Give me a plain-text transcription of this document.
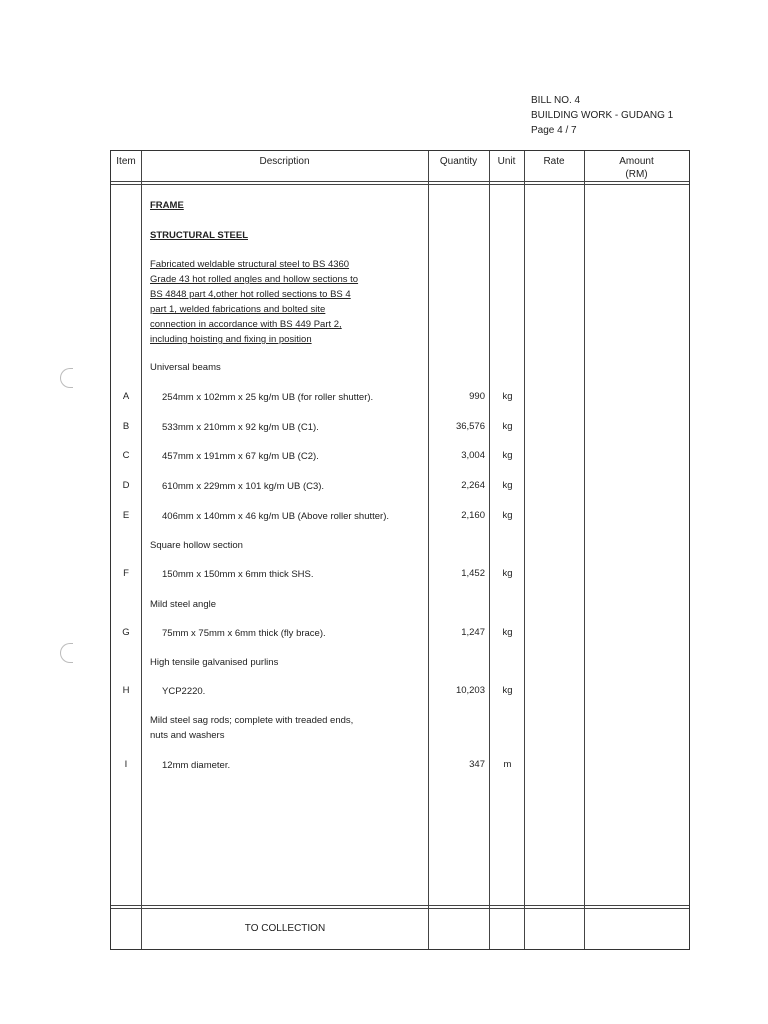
BILL NO. 4
BUILDING WORK - GUDANG 1
Page 4 / 7
Item	Description	Quantity	Unit	Rate	Amount
(RM)
FRAME
STRUCTURAL STEEL
Fabricated weldable structural steel to BS 4360
Grade 43 hot rolled angles and hollow sections to
BS 4848 part 4,other hot rolled sections to BS 4
part 1, welded fabrications and bolted site
connection in accordance with BS 449 Part 2,
including hoisting and fixing in position
Universal beams
A	254mm x 102mm x 25 kg/m UB (for roller shutter).	990	kg
B	533mm x 210mm x 92 kg/m UB (C1).	36,576	kg
C	457mm x 191mm x 67 kg/m UB (C2).	3,004	kg
D	610mm x 229mm x 101 kg/m UB (C3).	2,264	kg
E	406mm x 140mm x 46 kg/m UB (Above roller shutter).	2,160	kg
Square hollow section
F	150mm x 150mm x 6mm thick SHS.	1,452	kg
Mild steel angle
G	75mm x 75mm x 6mm thick (fly brace).	1,247	kg
High tensile galvanised purlins
H	YCP2220.	10,203	kg
Mild steel sag rods; complete with treaded ends,
nuts and washers
I	12mm diameter.	347	m
TO COLLECTION
